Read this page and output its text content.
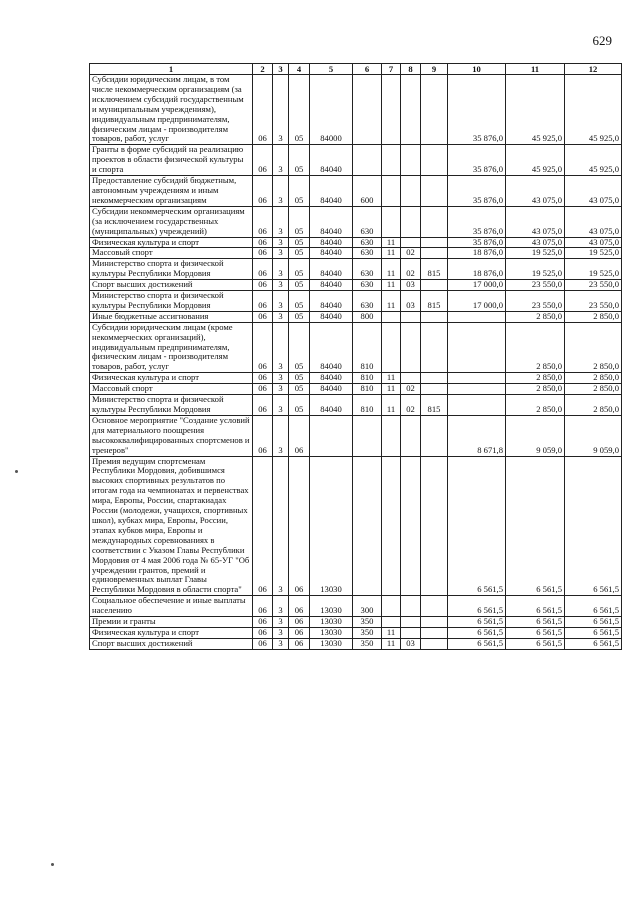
629
1	2	3	4	5	6	7	8	9	10	11	12
Субсидии юридическим лицам, в том числе некоммерческим организациям (за исключением субсидий государственным и муниципальным учреждениям), индивидуальным предпринимателям, физическим лицам - производителям товаров, работ, услуг	06	3	05	84000					35 876,0	45 925,0	45 925,0
Гранты в форме субсидий на реализацию проектов в области физической культуры и спорта	06	3	05	84040					35 876,0	45 925,0	45 925,0
Предоставление субсидий бюджетным, автономным учреждениям и иным некоммерческим организациям	06	3	05	84040	600				35 876,0	43 075,0	43 075,0
Субсидии некоммерческим организациям (за исключением государственных (муниципальных) учреждений)	06	3	05	84040	630				35 876,0	43 075,0	43 075,0
Физическая культура и спорт	06	3	05	84040	630	11			35 876,0	43 075,0	43 075,0
Массовый спорт	06	3	05	84040	630	11	02		18 876,0	19 525,0	19 525,0
Министерство спорта и физической культуры Республики Мордовия	06	3	05	84040	630	11	02	815	18 876,0	19 525,0	19 525,0
Спорт высших достижений	06	3	05	84040	630	11	03		17 000,0	23 550,0	23 550,0
Министерство спорта и физической культуры Республики Мордовия	06	3	05	84040	630	11	03	815	17 000,0	23 550,0	23 550,0
Иные бюджетные ассигнования	06	3	05	84040	800					2 850,0	2 850,0
Субсидии юридическим лицам (кроме некоммерческих организаций), индивидуальным предпринимателям, физическим лицам - производителям товаров, работ, услуг	06	3	05	84040	810					2 850,0	2 850,0
Физическая культура и спорт	06	3	05	84040	810	11				2 850,0	2 850,0
Массовый спорт	06	3	05	84040	810	11	02			2 850,0	2 850,0
Министерство спорта и физической культуры Республики Мордовия	06	3	05	84040	810	11	02	815		2 850,0	2 850,0
Основное мероприятие "Создание условий для материального поощрения высококвалифицированных спортсменов и тренеров"	06	3	06						8 671,8	9 059,0	9 059,0
Премия ведущим спортсменам Республики Мордовия, добившимся высоких спортивных результатов по итогам года на чемпионатах и первенствах мира, Европы, России, спартакиадах России (молодежи, учащихся, спортивных школ), кубках мира, Европы, России, этапах кубков мира, Европы и международных соревнованиях в соответствии с Указом Главы Республики Мордовия от 4 мая 2006 года № 65-УГ "Об учреждении грантов, премий и единовременных выплат Главы Республики Мордовия в области спорта"	06	3	06	13030					6 561,5	6 561,5	6 561,5
Социальное обеспечение и иные выплаты населению	06	3	06	13030	300				6 561,5	6 561,5	6 561,5
Премии и гранты	06	3	06	13030	350				6 561,5	6 561,5	6 561,5
Физическая культура и спорт	06	3	06	13030	350	11			6 561,5	6 561,5	6 561,5
Спорт высших достижений	06	3	06	13030	350	11	03		6 561,5	6 561,5	6 561,5
